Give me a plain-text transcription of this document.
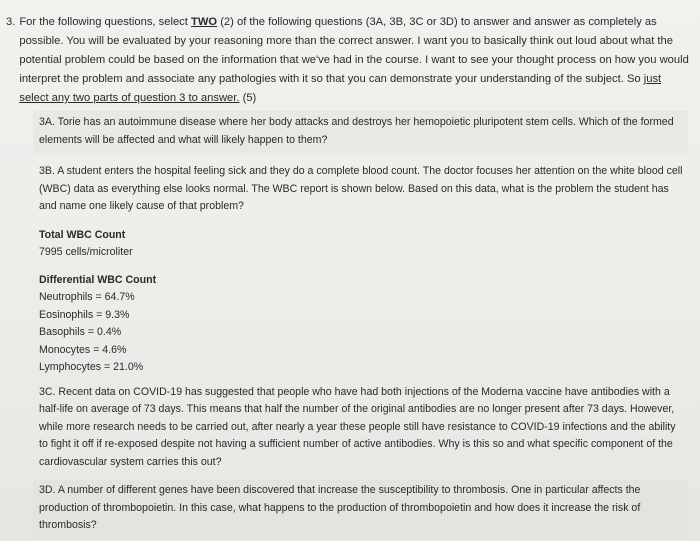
3. For the following questions, select TWO (2) of the following questions (3A, 3B, 3C or 3D) to answer and answer as completely as possible. You will be evaluated by your reasoning more than the correct answer. I want you to basically think out loud about what the potential problem could be based on the information that we've had in the course. I want to see your thought process on how you would interpret the problem and associate any pathologies with it so that you can demonstrate your understanding of the subject. So just select any two parts of question 3 to answer. (5)
3A. Torie has an autoimmune disease where her body attacks and destroys her hemopoietic pluripotent stem cells. Which of the formed elements will be affected and what will likely happen to them?
3B. A student enters the hospital feeling sick and they do a complete blood count. The doctor focuses her attention on the white blood cell (WBC) data as everything else looks normal. The WBC report is shown below. Based on this data, what is the problem the student has and name one likely cause of that problem?
Total WBC Count
7995 cells/microliter
Differential WBC Count
Neutrophils = 64.7%
Eosinophils = 9.3%
Basophils = 0.4%
Monocytes = 4.6%
Lymphocytes = 21.0%
3C. Recent data on COVID-19 has suggested that people who have had both injections of the Moderna vaccine have antibodies with a half-life on average of 73 days. This means that half the number of the original antibodies are no longer present after 73 days. However, while more research needs to be carried out, after nearly a year these people still have resistance to COVID-19 infections and the ability to fight it off if re-exposed despite not having a sufficient number of active antibodies. Why is this so and what specific component of the cardiovascular system carries this out?
3D. A number of different genes have been discovered that increase the susceptibility to thrombosis. One in particular affects the production of thrombopoietin. In this case, what happens to the production of thrombopoietin and how does it increase the risk of thrombosis?
